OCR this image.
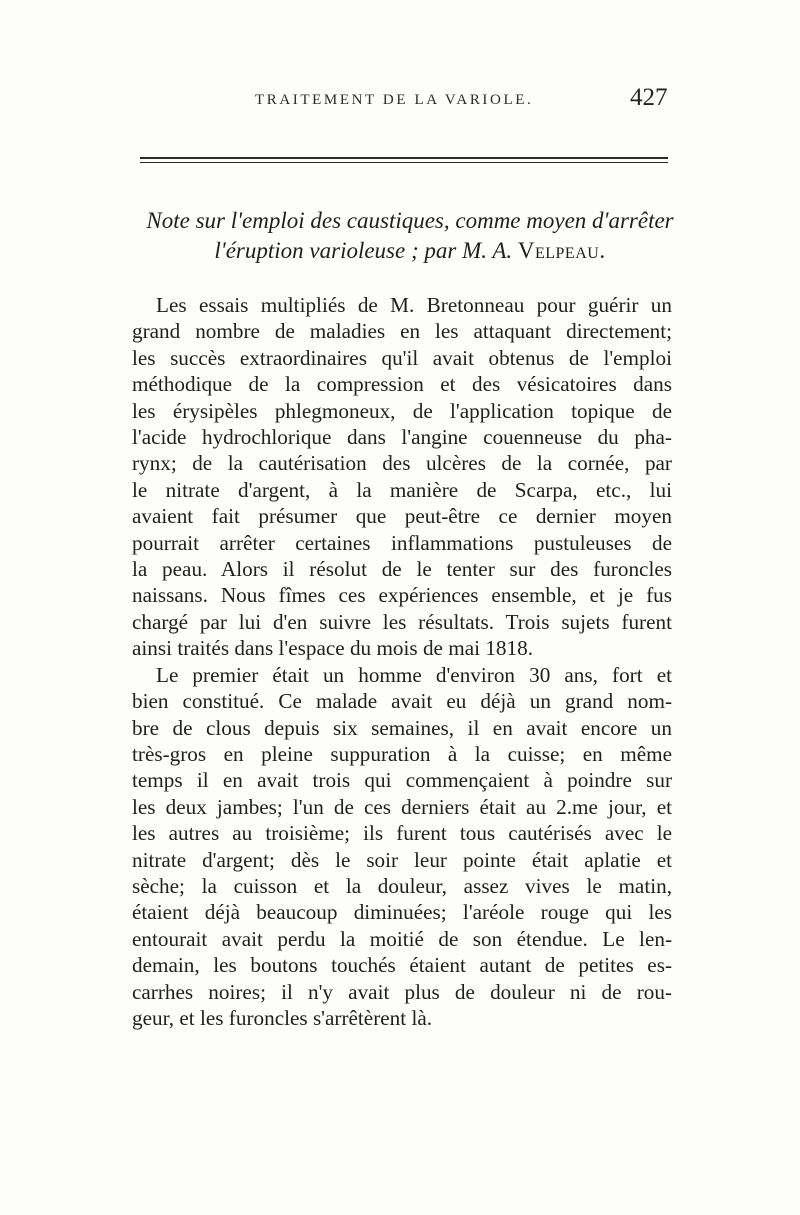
TRAITEMENT DE LA VARIOLE.	427
Note sur l'emploi des caustiques, comme moyen d'arrêter
l'éruption varioleuse ; par M. A. Velpeau.
Les essais multipliés de M. Bretonneau pour guérir un
grand nombre de maladies en les attaquant directement;
les succès extraordinaires qu'il avait obtenus de l'emploi
méthodique de la compression et des vésicatoires dans
les érysipèles phlegmoneux, de l'application topique de
l'acide hydrochlorique dans l'angine couenneuse du pha-
rynx; de la cautérisation des ulcères de la cornée, par
le nitrate d'argent, à la manière de Scarpa, etc., lui
avaient fait présumer que peut-être ce dernier moyen
pourrait arrêter certaines inflammations pustuleuses de
la peau. Alors il résolut de le tenter sur des furoncles
naissans. Nous fîmes ces expériences ensemble, et je fus
chargé par lui d'en suivre les résultats. Trois sujets furent
ainsi traités dans l'espace du mois de mai 1818.
Le premier était un homme d'environ 30 ans, fort et
bien constitué. Ce malade avait eu déjà un grand nom-
bre de clous depuis six semaines, il en avait encore un
très-gros en pleine suppuration à la cuisse; en même
temps il en avait trois qui commençaient à poindre sur
les deux jambes; l'un de ces derniers était au 2.me jour, et
les autres au troisième; ils furent tous cautérisés avec le
nitrate d'argent; dès le soir leur pointe était aplatie et
sèche; la cuisson et la douleur, assez vives le matin,
étaient déjà beaucoup diminuées; l'aréole rouge qui les
entourait avait perdu la moitié de son étendue. Le len-
demain, les boutons touchés étaient autant de petites es-
carrhes noires; il n'y avait plus de douleur ni de rou-
geur, et les furoncles s'arrêtèrent là.
